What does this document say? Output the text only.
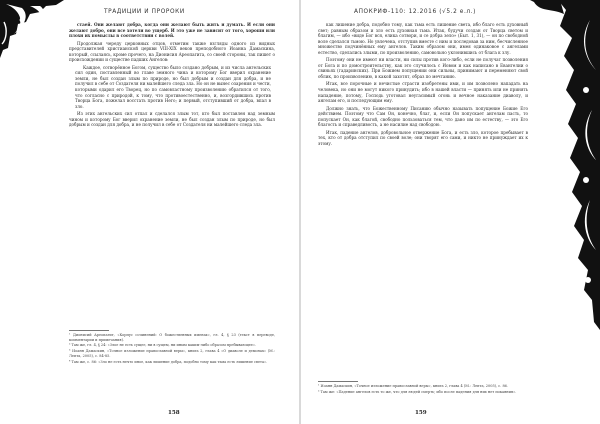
ТРАДИЦИИ И ПРОРОКИ

стаей. Они желают добра, когда они желают быть жить и думать. И если они желают добро, они все хотели во ущерб. И это уже не зависит от того, хороши или плохи их помыслы в соответствии с волей.

Продолжая череду церковных отцов, отметим также взгляды одного из видных представителей христианской церкви VIII-XIX веков преподобного Иоанна Дамаскина, который, ссылаясь, кроме прочего, на Дионисия Ареопагита, со своей стороны, так пишет о происхождении и существе падших Ангелов:

Каждое, сотворённое Богом, существо было создано добрым, и из числа ангельских сил один, поставленный во главе земного чина и которому Бог вверил охранение земли, не был создан злым по природе, но был добрым и создан для добра, и не получил в себе от Создателя ни малейшего следа зла. Но он не вынес озарения и чести, которыми одарил его Творец, но по самовластному произволению обратился от того, что согласно с природой, к тому, что противоестественно, и, возгордившись против Творца Бога, пожелал восстать против Него; и первый, отступивший от добра, впал в зло.

Из этих ангельских сил отпал и сделался злым тот, кто был поставлен над земным чином и которому Бог вверил охранение земли, не был создан злым по природе, но был добрым и создан для добра, и не получил в себе от Создателя ни малейшего следа зла.

¹ Дионисий Ареопагит, «Корпус сочинений: О божественных именах», гл. 4, § 23 (текст в переводе, комментарии и примечания).

² Там же, гл. 4, § 24: «Злое не есть сущее, ни в сущем, ни иным каким-либо образом пребывающее».

³ Иоанн Дамаскин, «Точное изложение православной веры», книга 2, глава 4 «О диаволе и демонах» (М.: Лепта, 2005), с. 84-85.

⁴ Там же, с. 86: «Зло не есть нечто иное, как лишение добра, подобно тому как тьма есть лишение света».

158
АПОКРИФ-110: 12.2016 (√5.2 е.л.)

как лишение добра, подобно тому, как тьма есть лишение света, ибо благо есть духовный свет; равным образом и зло есть духовная тьма. Итак, будучи создан от Творца светом и благим, — ибо «виде Бог вся, елика сотвори, и се добра зело» (Быт. 1, 31), — он по свободной воле сделался тьмою. Но увлечена, отступив вместе с ним и последовав за ним, бесчисленное множество подчинённых ему ангелов. Таким образом они, имея одинаковое с ангелами естество, сделались злыми, по произволению, самовольно уклонившись от блага к злу.

Поэтому они не имеют ни власти, ни силы против кого-либо, если не получат позволения от Бога и по домостроительству, как это случилось с Иовом и как написано в Евангелии о свиньях (гадаринских). При Божием попущении они сильны, принимают и переменяют свой облик, по произволению, в какой захотят, образ по мечтанию.

Итак, все порочные и нечистые страсти изобретены ими, и им позволено нападать на человека, но они не могут никого принудить; ибо в нашей власти — принять или не принять нападение, потому, Господь уготовал неугасимый огонь и вечное наказание диаволу, и ангелам его, и последующим ему.

Должно знать, что Божественному Писанию обычно называть попущение Божие Его действием. Поэтому что Сам Он, конечно, благ, и, если Он попускает ангелам пасть, то попускает Он, как благой, свободно пользоваться тем, что дано им по естеству, — это Его благость и справедливость, а не насилие над свободою.

Итак, падение ангелов, добровольное отвержение Бога, и есть зло, которое пребывает в тех, кто от добра отступил по своей воле; они творят его сами, и никто не принуждает их к этому.

¹ Иоанн Дамаскин, «Точное изложение православной веры», книга 2, глава 4 (М.: Лепта, 2005), с. 86.

² Там же: «Падение ангелов есть то же, что для людей смерть; ибо после падения для них нет покаяния».

159
